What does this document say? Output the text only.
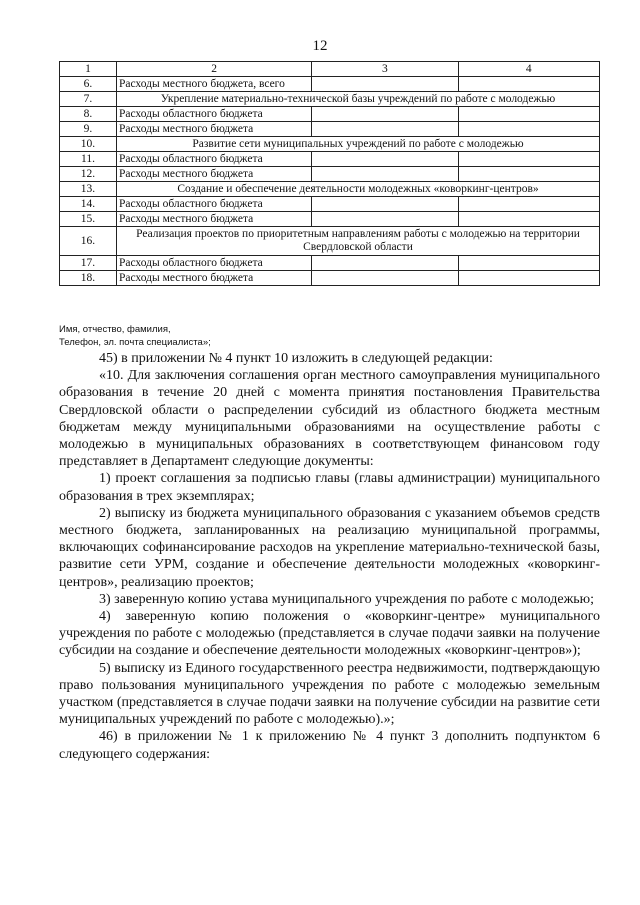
12
1	2	3	4
6.	Расходы местного бюджета, всего		
7.	Укрепление материально-технической базы учреждений по работе с молодежью		
8.	Расходы областного бюджета		
9.	Расходы местного бюджета		
10.	Развитие сети муниципальных учреждений по работе с молодежью		
11.	Расходы областного бюджета		
12.	Расходы местного бюджета		
13.	Создание и обеспечение деятельности молодежных «коворкинг-центров»		
14.	Расходы областного бюджета		
15.	Расходы местного бюджета		
16.	Реализация проектов по приоритетным направлениям работы с молодежью на территории Свердловской области		
17.	Расходы областного бюджета		
18.	Расходы местного бюджета		
Имя, отчество, фамилия,
Телефон, эл. почта специалиста»;

45) в приложении № 4 пункт 10 изложить в следующей редакции:

«10. Для заключения соглашения орган местного самоуправления муниципального образования в течение 20 дней с момента принятия постановления Правительства Свердловской области о распределении субсидий из областного бюджета местным бюджетам между муниципальными образованиями на осуществление работы с молодежью в муниципальных образованиях в соответствующем финансовом году представляет в Департамент следующие документы:

1) проект соглашения за подписью главы (главы администрации) муниципального образования в трех экземплярах;

2) выписку из бюджета муниципального образования с указанием объемов средств местного бюджета, запланированных на реализацию муниципальной программы, включающих софинансирование расходов на укрепление материально-технической базы, развитие сети УРМ, создание и обеспечение деятельности молодежных «коворкинг-центров», реализацию проектов;

3) заверенную копию устава муниципального учреждения по работе с молодежью;

4) заверенную копию положения о «коворкинг-центре» муниципального учреждения по работе с молодежью (представляется в случае подачи заявки на получение субсидии на создание и обеспечение деятельности молодежных «коворкинг-центров»);

5) выписку из Единого государственного реестра недвижимости, подтверждающую право пользования муниципального учреждения по работе с молодежью земельным участком (представляется в случае подачи заявки на получение субсидии на развитие сети муниципальных учреждений по работе с молодежью).»;

46) в приложении № 1 к приложению № 4 пункт 3 дополнить подпунктом 6 следующего содержания:
